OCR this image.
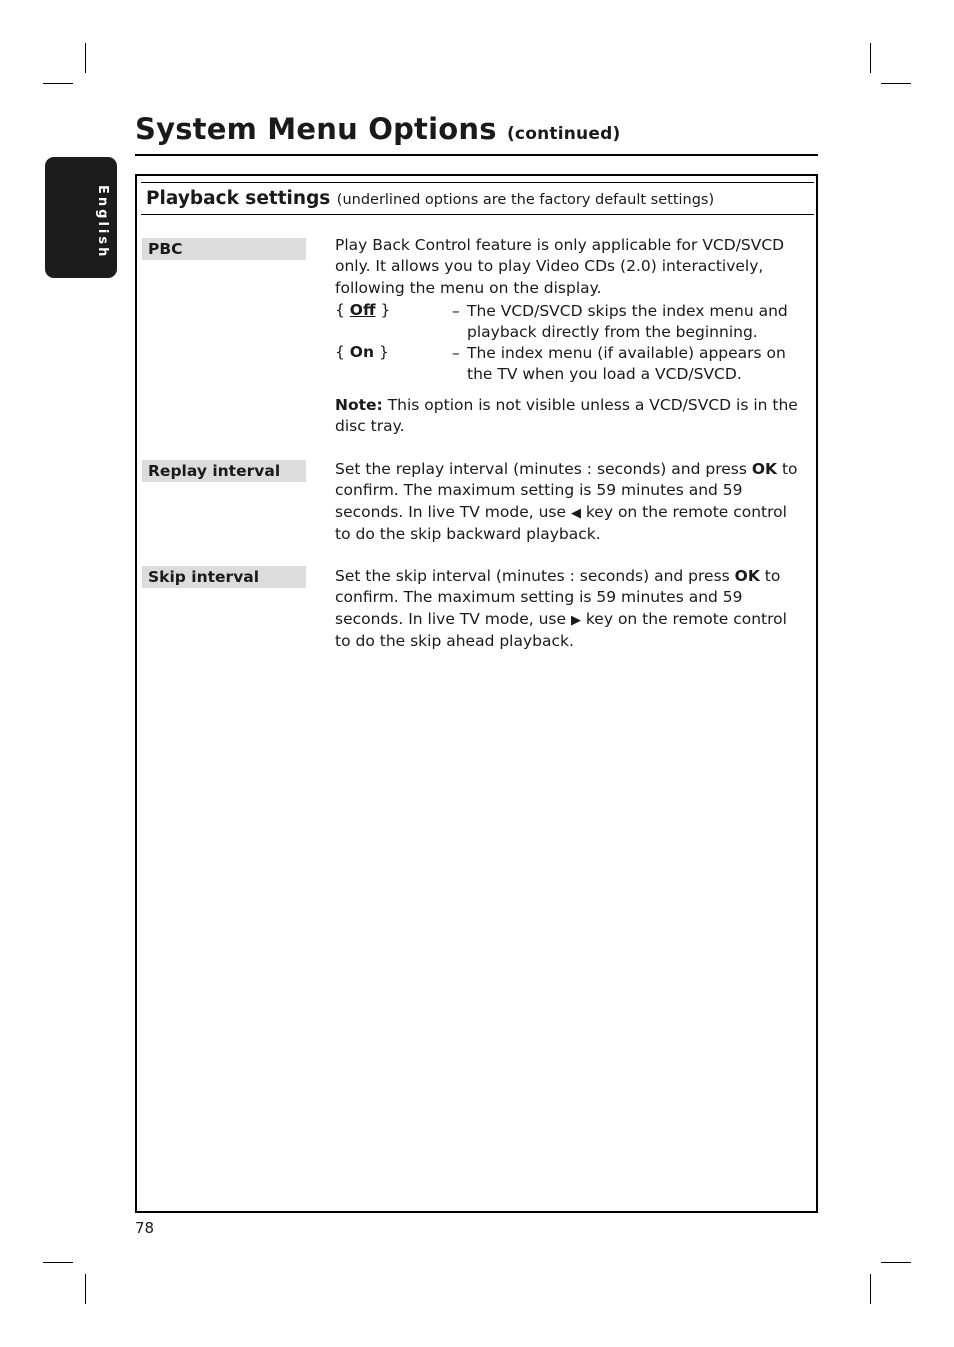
System Menu Options (continued)
English Playback settings (underlined options are the factory default settings)
PBC	Play Back Control feature is only applicable for VCD/SVCD

only. It allows you to play Video CDs (2.0) interactively,

following the menu on the display.

{ Off }	– The VCD/SVCD skips the index menu and playback directly from the beginning.
{ On }	– The index menu (if available) appears on the TV when you load a VCD/SVCD.
Note: This option is not visible unless a VCD/SVCD is in the disc tray.
Replay interval	Set the replay interval (minutes : seconds) and press OK to confirm. The maximum setting is 59 minutes and 59 seconds. In live TV mode, use ◀ key on the remote control to do the skip backward playback.
Skip interval	Set the skip interval (minutes : seconds) and press OK to confirm. The maximum setting is 59 minutes and 59 seconds. In live TV mode, use ▶ key on the remote control to do the skip ahead playback.
78
